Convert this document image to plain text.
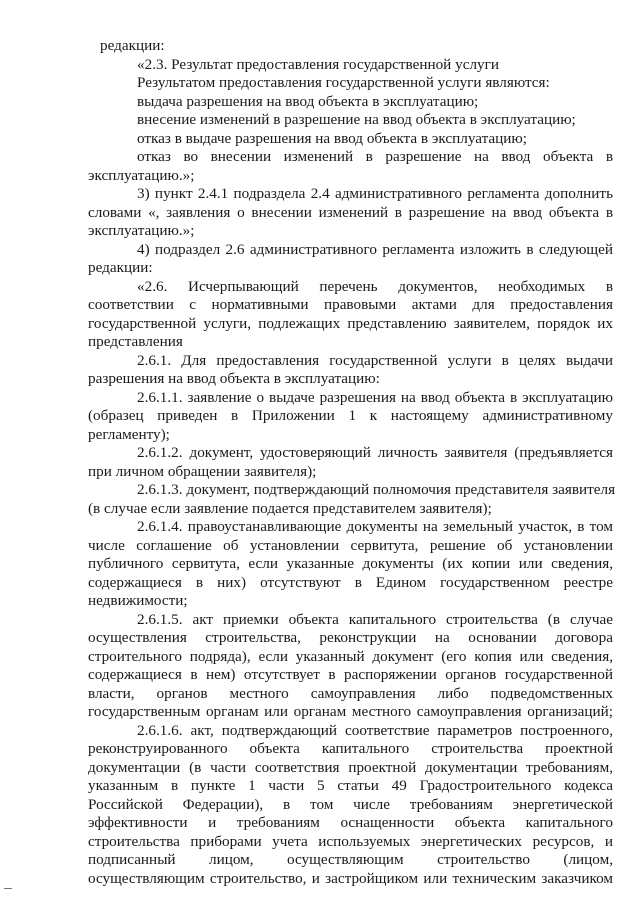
редакции:
«2.3. Результат предоставления государственной услуги
Результатом предоставления государственной услуги являются:
выдача разрешения на ввод объекта в эксплуатацию;
внесение изменений в разрешение на ввод объекта в эксплуатацию;
отказ в выдаче разрешения на ввод объекта в эксплуатацию;
отказ во внесении изменений в разрешение на ввод объекта в
эксплуатацию.»;
3) пункт 2.4.1 подраздела 2.4 административного регламента дополнить
словами «, заявления о внесении изменений в разрешение на ввод объекта в
эксплуатацию.»;
4) подраздел 2.6 административного регламента изложить в следующей
редакции:
«2.6. Исчерпывающий перечень документов, необходимых в
соответствии с нормативными правовыми актами для предоставления
государственной услуги, подлежащих представлению заявителем, порядок их
представления
2.6.1. Для предоставления государственной услуги в целях выдачи
разрешения на ввод объекта в эксплуатацию:
2.6.1.1. заявление о выдаче разрешения на ввод объекта в эксплуатацию
(образец приведен в Приложении 1 к настоящему административному
регламенту);
2.6.1.2. документ, удостоверяющий личность заявителя (предъявляется
при личном обращении заявителя);
2.6.1.3. документ, подтверждающий полномочия представителя заявителя
(в случае если заявление подается представителем заявителя);
2.6.1.4. правоустанавливающие документы на земельный участок, в том
числе соглашение об установлении сервитута, решение об установлении
публичного сервитута, если указанные документы (их копии или сведения,
содержащиеся в них) отсутствуют в Едином государственном реестре
недвижимости;
2.6.1.5. акт приемки объекта капитального строительства (в случае
осуществления строительства, реконструкции на основании договора
строительного подряда), если указанный документ (его копия или сведения,
содержащиеся в нем) отсутствует в распоряжении органов государственной
власти, органов местного самоуправления либо подведомственных
государственным органам или органам местного самоуправления организаций;
2.6.1.6. акт, подтверждающий соответствие параметров построенного,
реконструированного объекта капитального строительства проектной
документации (в части соответствия проектной документации требованиям,
указанным в пункте 1 части 5 статьи 49 Градостроительного кодекса
Российской Федерации), в том числе требованиям энергетической
эффективности и требованиям оснащенности объекта капитального
строительства приборами учета используемых энергетических ресурсов, и
подписанный лицом, осуществляющим строительство (лицом,
осуществляющим строительство, и застройщиком или техническим заказчиком
